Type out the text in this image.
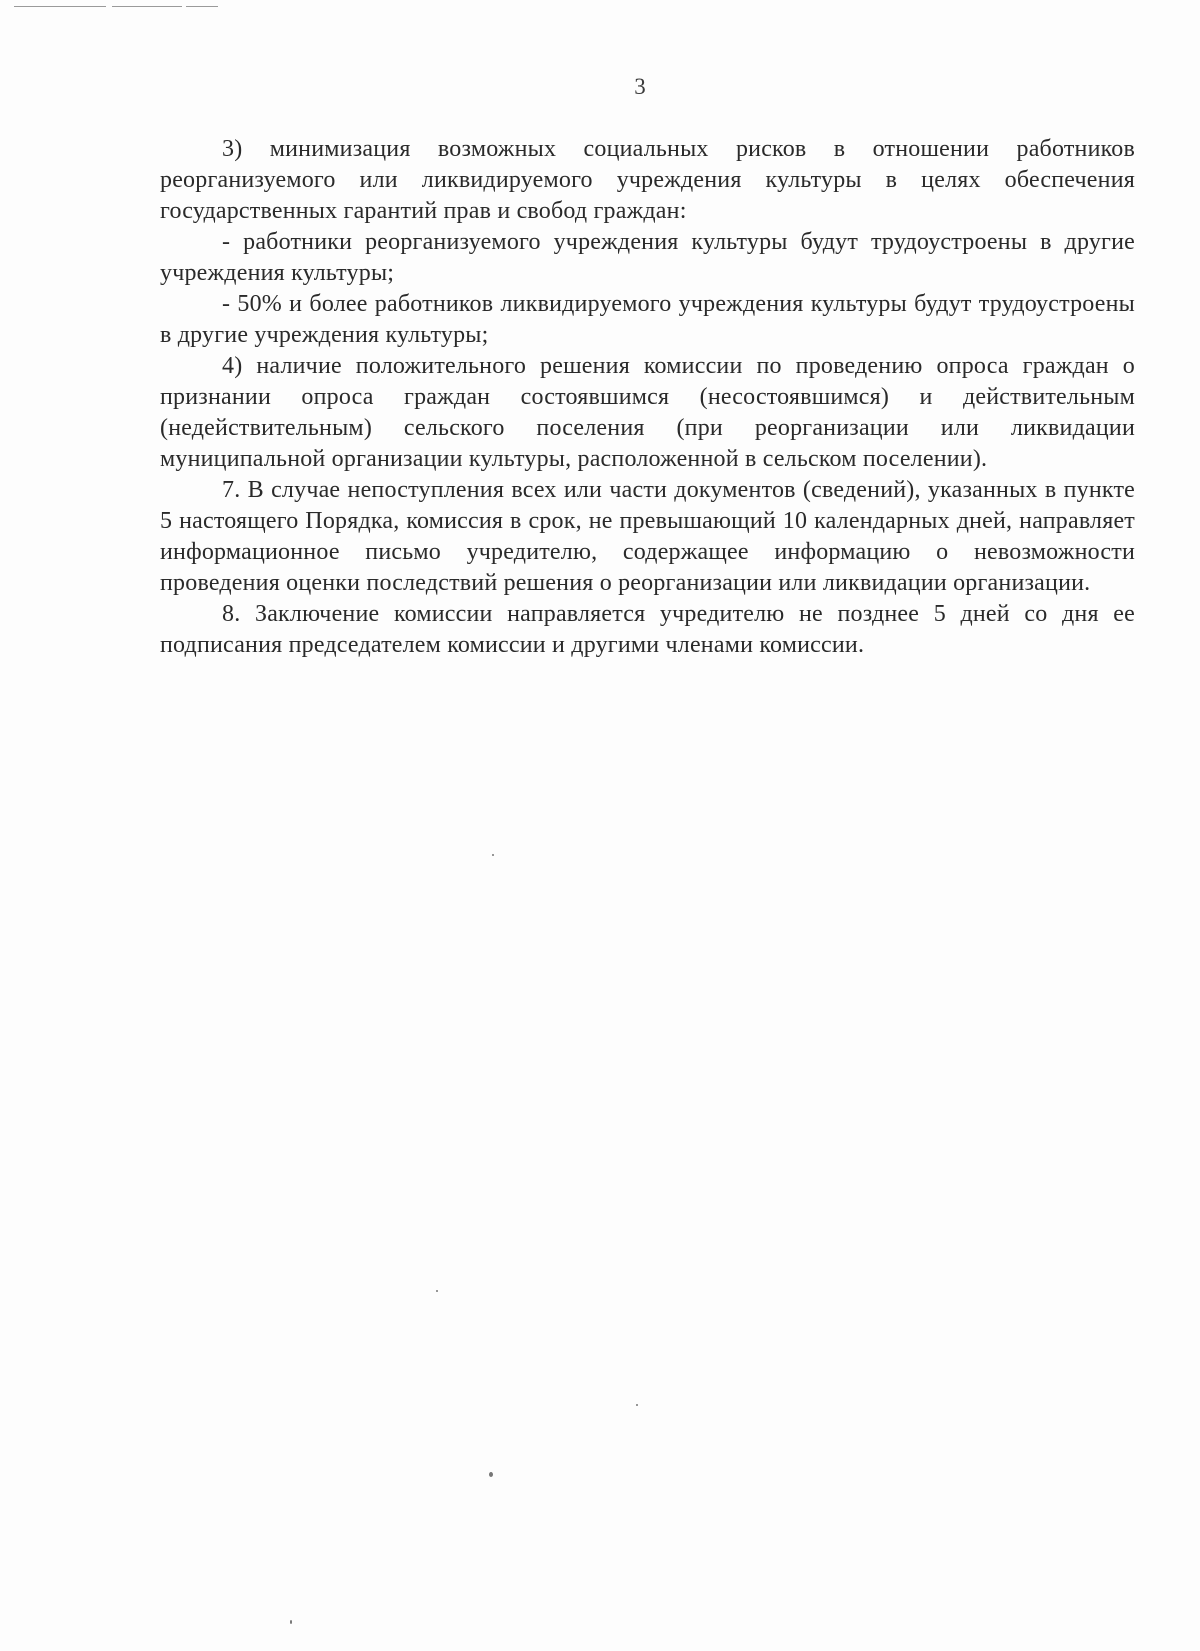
3

3) минимизация возможных социальных рисков в отношении работников реорганизуемого или ликвидируемого учреждения культуры в целях обеспечения государственных гарантий прав и свобод граждан:

- работники реорганизуемого учреждения культуры будут трудоустроены в другие учреждения культуры;

- 50% и более работников ликвидируемого учреждения культуры будут трудоустроены в другие учреждения культуры;

4) наличие положительного решения комиссии по проведению опроса граждан о признании опроса граждан состоявшимся (несостоявшимся) и действительным (недействительным) сельского поселения (при реорганизации или ликвидации муниципальной организации культуры, расположенной в сельском поселении).

7. В случае непоступления всех или части документов (сведений), указанных в пункте 5 настоящего Порядка, комиссия в срок, не превышающий 10 календарных дней, направляет информационное письмо учредителю, содержащее информацию о невозможности проведения оценки последствий решения о реорганизации или ликвидации организации.

8. Заключение комиссии направляется учредителю не позднее 5 дней со дня ее подписания председателем комиссии и другими членами комиссии.
